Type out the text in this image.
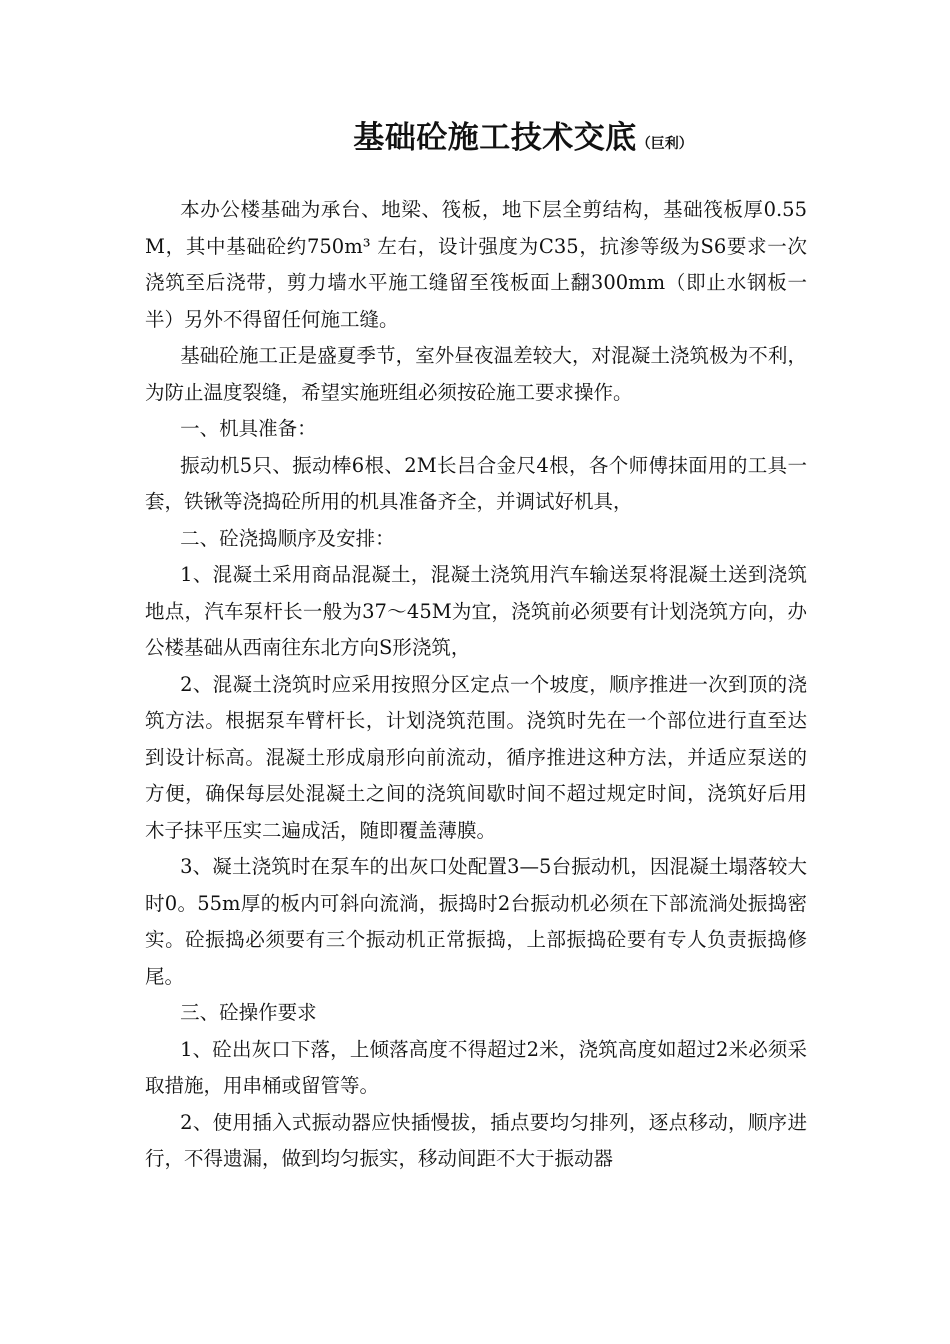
基础砼施工技术交底（巨利）

本办公楼基础为承台、地梁、筏板，地下层全剪结构，基础筏板厚0.55M，其中基础砼约750m³ 左右，设计强度为C35，抗渗等级为S6要求一次浇筑至后浇带，剪力墙水平施工缝留至筏板面上翻300mm（即止水钢板一半）另外不得留任何施工缝。

基础砼施工正是盛夏季节，室外昼夜温差较大，对混凝土浇筑极为不利，为防止温度裂缝，希望实施班组必须按砼施工要求操作。

一、机具准备：

振动机5只、振动棒6根、2M长吕合金尺4根，各个师傅抹面用的工具一套，铁锹等浇捣砼所用的机具准备齐全，并调试好机具，

二、砼浇捣顺序及安排：

1、混凝土采用商品混凝土，混凝土浇筑用汽车输送泵将混凝土送到浇筑地点，汽车泵杆长一般为37～45M为宜，浇筑前必须要有计划浇筑方向，办公楼基础从西南往东北方向S形浇筑，

2、混凝土浇筑时应采用按照分区定点一个坡度，顺序推进一次到顶的浇筑方法。根据泵车臂杆长，计划浇筑范围。浇筑时先在一个部位进行直至达到设计标高。混凝土形成扇形向前流动，循序推进这种方法，并适应泵送的方便，确保每层处混凝土之间的浇筑间歇时间不超过规定时间，浇筑好后用木子抹平压实二遍成活，随即覆盖薄膜。

3、凝土浇筑时在泵车的出灰口处配置3—5台振动机，因混凝土塌落较大时0。55m厚的板内可斜向流淌，振捣时2台振动机必须在下部流淌处振捣密实。砼振捣必须要有三个振动机正常振捣，上部振捣砼要有专人负责振捣修尾。

三、砼操作要求

1、砼出灰口下落，上倾落高度不得超过2米，浇筑高度如超过2米必须采取措施，用串桶或留管等。

2、使用插入式振动器应快插慢拔，插点要均匀排列，逐点移动，顺序进行，不得遗漏，做到均匀振实，移动间距不大于振动器
